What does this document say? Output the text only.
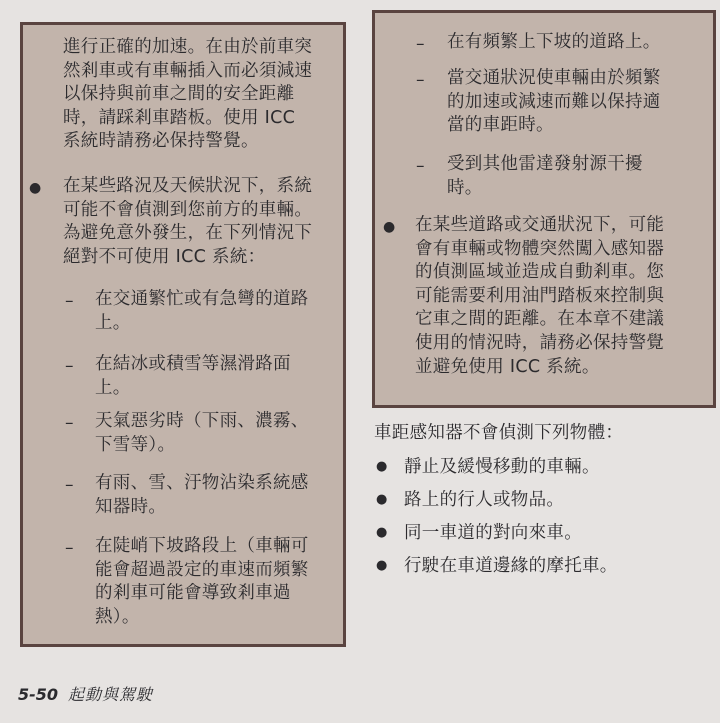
進行正確的加速。在由於前車突
然剎車或有車輛插入而必須減速
以保持與前車之間的安全距離
時，請踩剎車踏板。使用 ICC
系統時請務必保持警覺。
● 在某些路況及天候狀況下，系統
可能不會偵測到您前方的車輛。
為避免意外發生，在下列情況下
絕對不可使用 ICC 系統：
– 在交通繁忙或有急彎的道路
上。
– 在結冰或積雪等濕滑路面
上。
– 天氣惡劣時（下雨、濃霧、
下雪等）。
– 有雨、雪、汙物沾染系統感
知器時。
– 在陡峭下坡路段上（車輛可
能會超過設定的車速而頻繁
的剎車可能會導致剎車過
熱）。
– 在有頻繁上下坡的道路上。
– 當交通狀況使車輛由於頻繁
的加速或減速而難以保持適
當的車距時。
– 受到其他雷達發射源干擾
時。
● 在某些道路或交通狀況下，可能
會有車輛或物體突然闖入感知器
的偵測區域並造成自動剎車。您
可能需要利用油門踏板來控制與
它車之間的距離。在本章不建議
使用的情況時，請務必保持警覺
並避免使用 ICC 系統。
車距感知器不會偵測下列物體：
● 靜止及緩慢移動的車輛。
● 路上的行人或物品。
● 同一車道的對向來車。
● 行駛在車道邊緣的摩托車。
5-50 起動與駕駛
